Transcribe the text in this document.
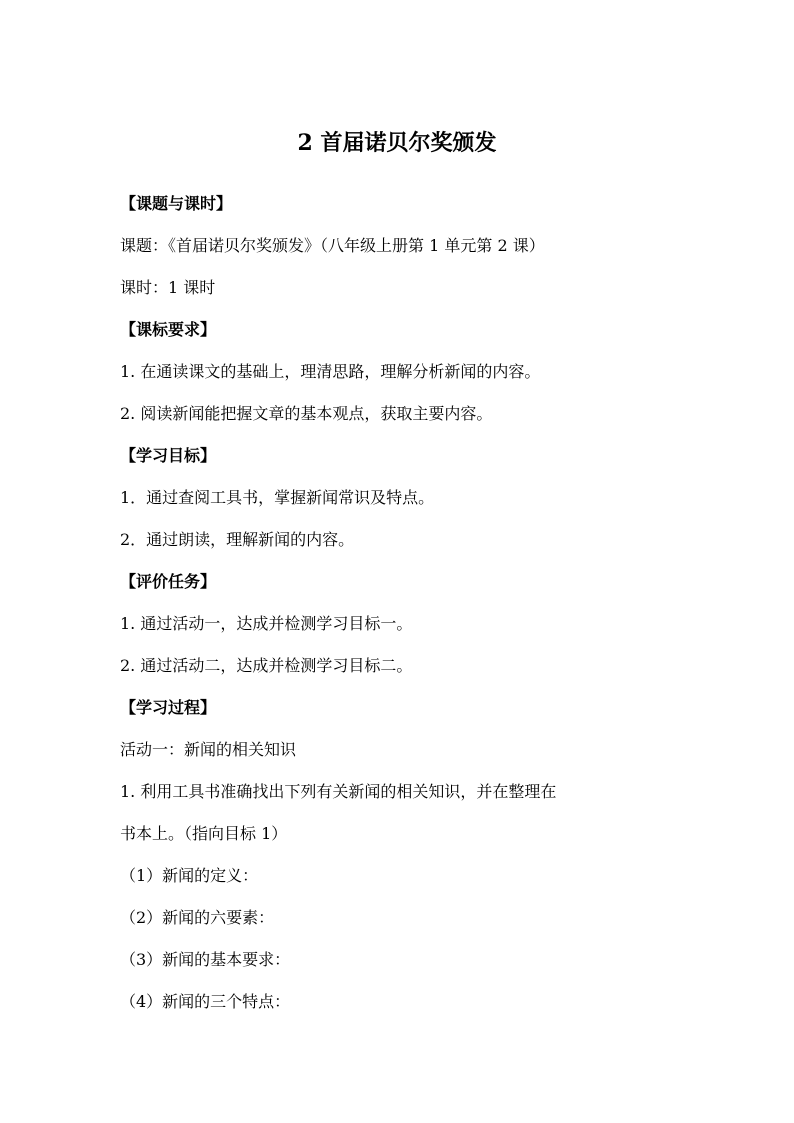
2 首届诺贝尔奖颁发
【课题与课时】
课题：《首届诺贝尔奖颁发》（八年级上册第 1 单元第 2 课）
课时：1 课时
【课标要求】
1. 在通读课文的基础上，理清思路，理解分析新闻的内容。
2. 阅读新闻能把握文章的基本观点，获取主要内容。
【学习目标】
1．通过查阅工具书，掌握新闻常识及特点。
2．通过朗读，理解新闻的内容。
【评价任务】
1. 通过活动一，达成并检测学习目标一。
2. 通过活动二，达成并检测学习目标二。
【学习过程】
活动一：新闻的相关知识
1. 利用工具书准确找出下列有关新闻的相关知识，并在整理在
书本上。（指向目标 1）
（1）新闻的定义：
（2）新闻的六要素：
（3）新闻的基本要求：
（4）新闻的三个特点：
